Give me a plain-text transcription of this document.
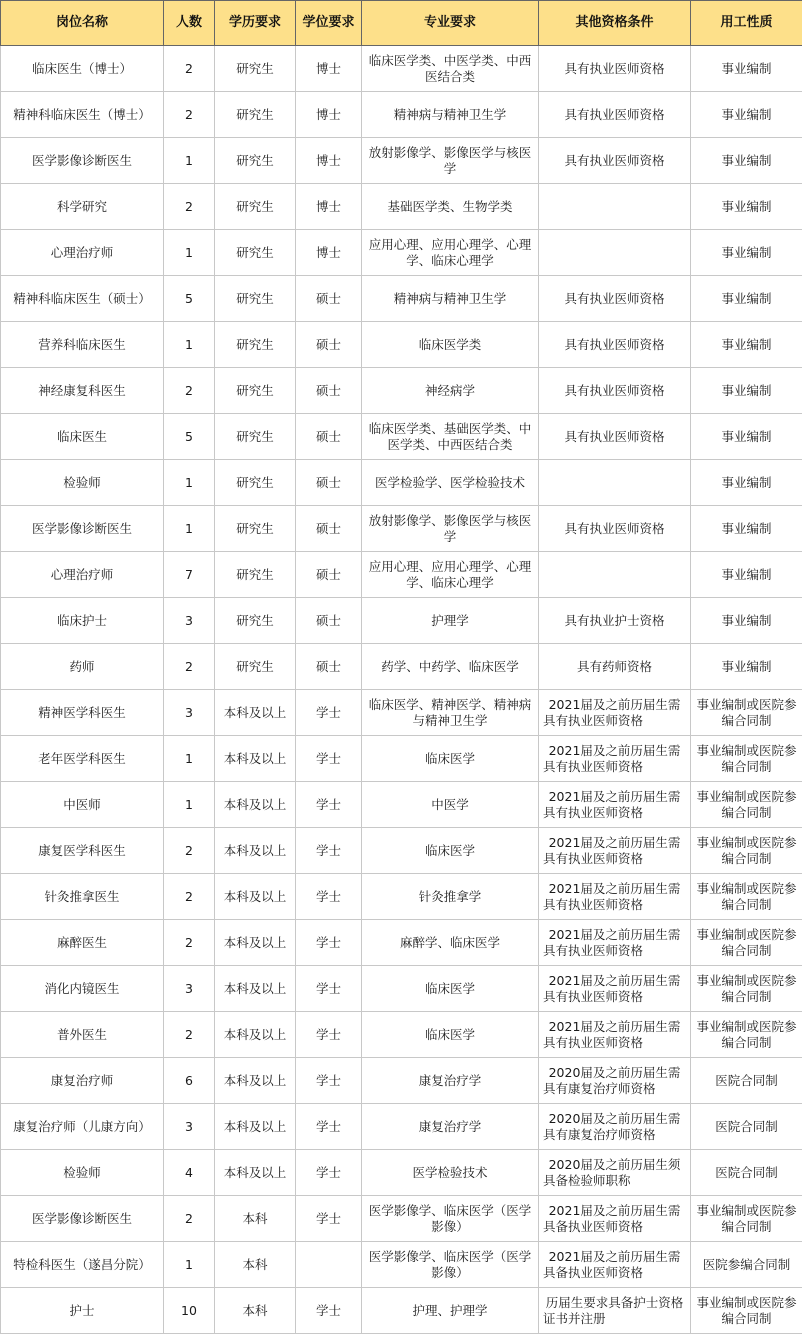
岗位名称	人数	学历要求	学位要求	专业要求	其他资格条件	用工性质
临床医生（博士）	2	研究生	博士	临床医学类、中医学类、中西医结合类	具有执业医师资格	事业编制
精神科临床医生（博士）	2	研究生	博士	精神病与精神卫生学	具有执业医师资格	事业编制
医学影像诊断医生	1	研究生	博士	放射影像学、影像医学与核医学	具有执业医师资格	事业编制
科学研究	2	研究生	博士	基础医学类、生物学类		事业编制
心理治疗师	1	研究生	博士	应用心理、应用心理学、心理学、临床心理学		事业编制
精神科临床医生（硕士）	5	研究生	硕士	精神病与精神卫生学	具有执业医师资格	事业编制
营养科临床医生	1	研究生	硕士	临床医学类	具有执业医师资格	事业编制
神经康复科医生	2	研究生	硕士	神经病学	具有执业医师资格	事业编制
临床医生	5	研究生	硕士	临床医学类、基础医学类、中医学类、中西医结合类	具有执业医师资格	事业编制
检验师	1	研究生	硕士	医学检验学、医学检验技术		事业编制
医学影像诊断医生	1	研究生	硕士	放射影像学、影像医学与核医学	具有执业医师资格	事业编制
心理治疗师	7	研究生	硕士	应用心理、应用心理学、心理学、临床心理学		事业编制
临床护士	3	研究生	硕士	护理学	具有执业护士资格	事业编制
药师	2	研究生	硕士	药学、中药学、临床医学	具有药师资格	事业编制
精神医学科医生	3	本科及以上	学士	临床医学、精神医学、精神病与精神卫生学	2021届及之前历届生需具有执业医师资格	事业编制或医院参编合同制
老年医学科医生	1	本科及以上	学士	临床医学	2021届及之前历届生需具有执业医师资格	事业编制或医院参编合同制
中医师	1	本科及以上	学士	中医学	2021届及之前历届生需具有执业医师资格	事业编制或医院参编合同制
康复医学科医生	2	本科及以上	学士	临床医学	2021届及之前历届生需具有执业医师资格	事业编制或医院参编合同制
针灸推拿医生	2	本科及以上	学士	针灸推拿学	2021届及之前历届生需具有执业医师资格	事业编制或医院参编合同制
麻醉医生	2	本科及以上	学士	麻醉学、临床医学	2021届及之前历届生需具有执业医师资格	事业编制或医院参编合同制
消化内镜医生	3	本科及以上	学士	临床医学	2021届及之前历届生需具有执业医师资格	事业编制或医院参编合同制
普外医生	2	本科及以上	学士	临床医学	2021届及之前历届生需具有执业医师资格	事业编制或医院参编合同制
康复治疗师	6	本科及以上	学士	康复治疗学	2020届及之前历届生需具有康复治疗师资格	医院合同制
康复治疗师（儿康方向）	3	本科及以上	学士	康复治疗学	2020届及之前历届生需具有康复治疗师资格	医院合同制
检验师	4	本科及以上	学士	医学检验技术	2020届及之前历届生须具备检验师职称	医院合同制
医学影像诊断医生	2	本科	学士	医学影像学、临床医学（医学影像）	2021届及之前历届生需具备执业医师资格	事业编制或医院参编合同制
特检科医生（遂昌分院）	1	本科		医学影像学、临床医学（医学影像）	2021届及之前历届生需具备执业医师资格	医院参编合同制
护士	10	本科	学士	护理、护理学	历届生要求具备护士资格证书并注册	事业编制或医院参编合同制
